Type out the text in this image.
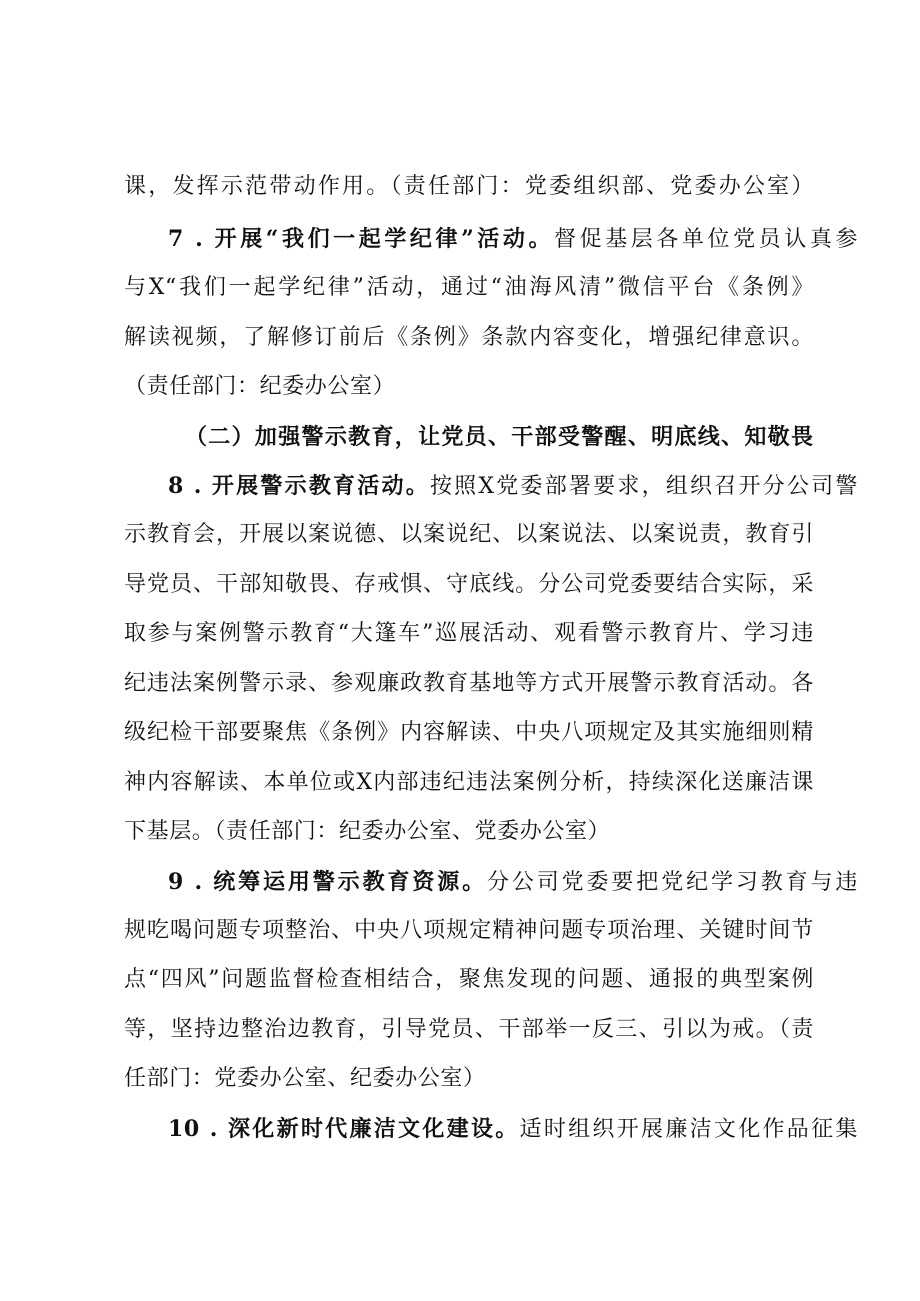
课，发挥示范带动作用。（责任部门：党委组织部、党委办公室）
7 . 开展“我们一起学纪律”活动。督促基层各单位党员认真参
与X“我们一起学纪律”活动，通过“油海风清”微信平台《条例》
解读视频，了解修订前后《条例》条款内容变化，增强纪律意识。
（责任部门：纪委办公室）
（二）加强警示教育，让党员、干部受警醒、明底线、知敬畏
8 . 开展警示教育活动。按照X党委部署要求，组织召开分公司警
示教育会，开展以案说德、以案说纪、以案说法、以案说责，教育引
导党员、干部知敬畏、存戒惧、守底线。分公司党委要结合实际，采
取参与案例警示教育“大篷车”巡展活动、观看警示教育片、学习违
纪违法案例警示录、参观廉政教育基地等方式开展警示教育活动。各
级纪检干部要聚焦《条例》内容解读、中央八项规定及其实施细则精
神内容解读、本单位或X内部违纪违法案例分析，持续深化送廉洁课
下基层。（责任部门：纪委办公室、党委办公室）
9 . 统筹运用警示教育资源。分公司党委要把党纪学习教育与违
规吃喝问题专项整治、中央八项规定精神问题专项治理、关键时间节
点“四风”问题监督检查相结合，聚焦发现的问题、通报的典型案例
等，坚持边整治边教育，引导党员、干部举一反三、引以为戒。（责
任部门：党委办公室、纪委办公室）
10 . 深化新时代廉洁文化建设。适时组织开展廉洁文化作品征集
